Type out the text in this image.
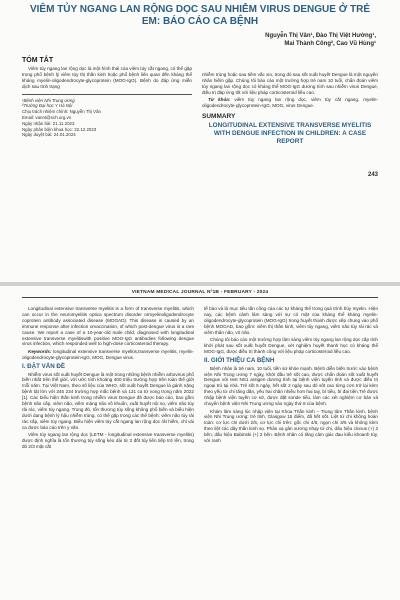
VIÊM TỦY NGANG LAN RỘNG DỌC SAU NHIỄM VIRUS DENGUE Ở TRẺ EM: BÁO CÁO CA BỆNH
Nguyễn Thị Vân¹, Đào Thị Việt Hường¹,
Mai Thành Công², Cao Vũ Hùng¹
TÓM TẮT

Viêm tủy ngang lan rộng dọc là một hình thái của viêm tủy cắt ngang, có thể gặp trong phổ bệnh lý viêm tủy thị thần kinh hoặc phổ bệnh liên quan đến kháng thể kháng myelin-oligodendrocyte-glycoprotein (MOG-IgG). Bệnh do đáp ứng miễn dịch sau tình trạng

¹Bệnh viện Nhi Trung ương
²Trường Đại học Y Hà Nội
Chịu trách nhiệm chính: Nguyễn Thị Vân
Email: vannt@nch.org.vn
Ngày nhận bài: 21.11.2023
Ngày phản biện khoa học: 22.12.2023
Ngày duyệt bài: 24.01.2024

nhiễm trùng hoặc sau tiêm vắc xin, trong đó sau sốt xuất huyết Dengue là một nguyên nhân hiếm gặp. Chúng tôi báo cáo một trường hợp trẻ nam 10 tuổi, chẩn đoán viêm tủy ngang lan rộng dọc có kháng thể MOG-IgG dương tính sau nhiễm virus Dengue, điều trị đáp ứng tốt với liệu pháp corticosteroid liều cao.

Từ khóa: viêm tủy ngang lan rộng dọc, viêm tủy cắt ngang, myelin-oligodendrocyte-glycoprotein-IgG, MOG, virus Dengue.

SUMMARY
LONGITUDINAL EXTENSIVE TRANSVERSE MYELITIS WITH DENGUE INFECTION IN CHILDREN: A CASE REPORT
243
VIETNAM MEDICAL JOURNAL Nº1B - FEBRUARY - 2024

Longitudinal extensive transverse myelitis is a form of transverse myelitis, which can occur in the neuromyelitis optica spectrum disorder ormyelinoligodendrocyte coprotein antibody associated disease (MOGAD). This disease is caused by an immune response after infection orvaccination, of which post-dengue virus is a rare cause. We report a case of a 10-year-old male child, diagnosed with longitudinal extensive transverse myelitiswith positive MOG-IgG antibodies following dengue virus infection, which responded well to high-dose corticosteroid therapy.

Keywords: longitudinal extensive transverse myelitis,transverse myelitis, myelin-oligodendrocyte-glycoprotein-IgG, MOG, Dengue virus.

I. ĐẶT VẤN ĐỀ

Nhiễm virus sốt xuất huyết Dengue là một trong những bệnh nhiễm arbovirus phổ biến nhất trên thế giới, với ước tính khoảng 400 triệu trường hợp trên toàn thế giới mỗi năm. Tại Việt Nam, theo số liệu của WHO, sốt xuất huyết Dengue là gánh nặng bệnh tật lớn với 345 234 trường hợp mắc bệnh và 131 ca tử vong trong năm 2022 [1]. Các biểu hiện thần kinh trong nhiễm virus Dengue đã được báo cáo, bao gồm bệnh não cấp, viêm não, viêm màng não vô khuẩn, xuất huyết nội sọ, viêm não tủy rải rác, viêm tủy ngang. Trong đó, tổn thương tủy sống không phổ biến và biểu hiện dưới dạng bệnh lý hậu nhiễm trùng, có thể gặp trong các thể bệnh: viêm não tủy rải rác cấp, viêm tủy ngang. Biểu hiện viêm tủy cắt ngang lan rộng dọc rất hiếm, chỉ vài ca được báo cáo trên y văn.

Viêm tủy ngang lan rộng dọc (LETM - longitudinal extensive transverse myelitis) được định nghĩa là tổn thương tủy sống kéo dài từ 3 đốt tủy liên tiếp trở lên, trong đó 2/3 mặt cắt

tế bào và là mục tiêu tấn công của các tự kháng thể trong quá trình hủy myelin. Hiện nay, các bệnh cảnh lâm sàng với sự có mặt của kháng thể kháng myelin-oligodendrocyte-glycoprotein (MOG-IgG) trong huyết thanh được xếp chung vào phổ bệnh MOGAD, bao gồm: viêm thị thần kinh, viêm tủy ngang, viêm não tủy rải rác và viêm thân não, vỏ não.

Chúng tôi báo cáo một trường hợp lâm sàng viêm tủy ngang lan rộng dọc cấp tính khởi phát sau sốt xuất huyết Dengue, xét nghiệm huyết thanh học có kháng thể MOG-IgG, được điều trị thành công với liệu pháp corticosteroid liều cao.

II. GIỚI THIỆU CA BỆNH

Bệnh nhân là trẻ nam, 10 tuổi, tiền sử khỏe mạnh. Bệnh diễn biến trước vào bệnh viện Nhi Trung ương 7 ngày, khởi đầu trẻ sốt cao, được chẩn đoán sốt xuất huyết Dengue với test NS1 antigen dương tính tại bệnh viện tuyến tỉnh và được điều trị ngoại trú tại nhà. Trẻ sốt 5 ngày, hết sốt 2 ngày sau đó sốt cao từng cơn trở lại kèm theo yếu tứ chi tăng dần, yếu hai chân nhiều hơn hai tay, bí tiểu, bí đại tiện.Trẻ được nhập bệnh viện tuyến cơ sở, được đặt sonde tiểu, làm các xét nghiệm cơ bản và chuyển bệnh viện Nhi Trung ương vào ngày thứ 8 của bệnh.

Khám lâm sàng lúc nhập viện tại Khoa Thần kinh – Trung tâm Thần kinh, bệnh viện Nhi Trung ương: trẻ tỉnh, Glasgow 15 điểm, đã hết sốt. Liệt tứ chi không hoàn toàn: cơ lực chi dưới 2/5, cơ lực chi trên: gốc chi 4/5, ngọn chi 3/5 và không kèm theo liệt các dây thần kinh sọ. Phản xạ gân xương nhạy tứ chi, dấu hiệu clonus (+) 2 bên, dấu hiệu Babinski (+) 2 bên. Bệnh nhân có tăng cảm giác đau kiểu khoanh tủy, với ranh
